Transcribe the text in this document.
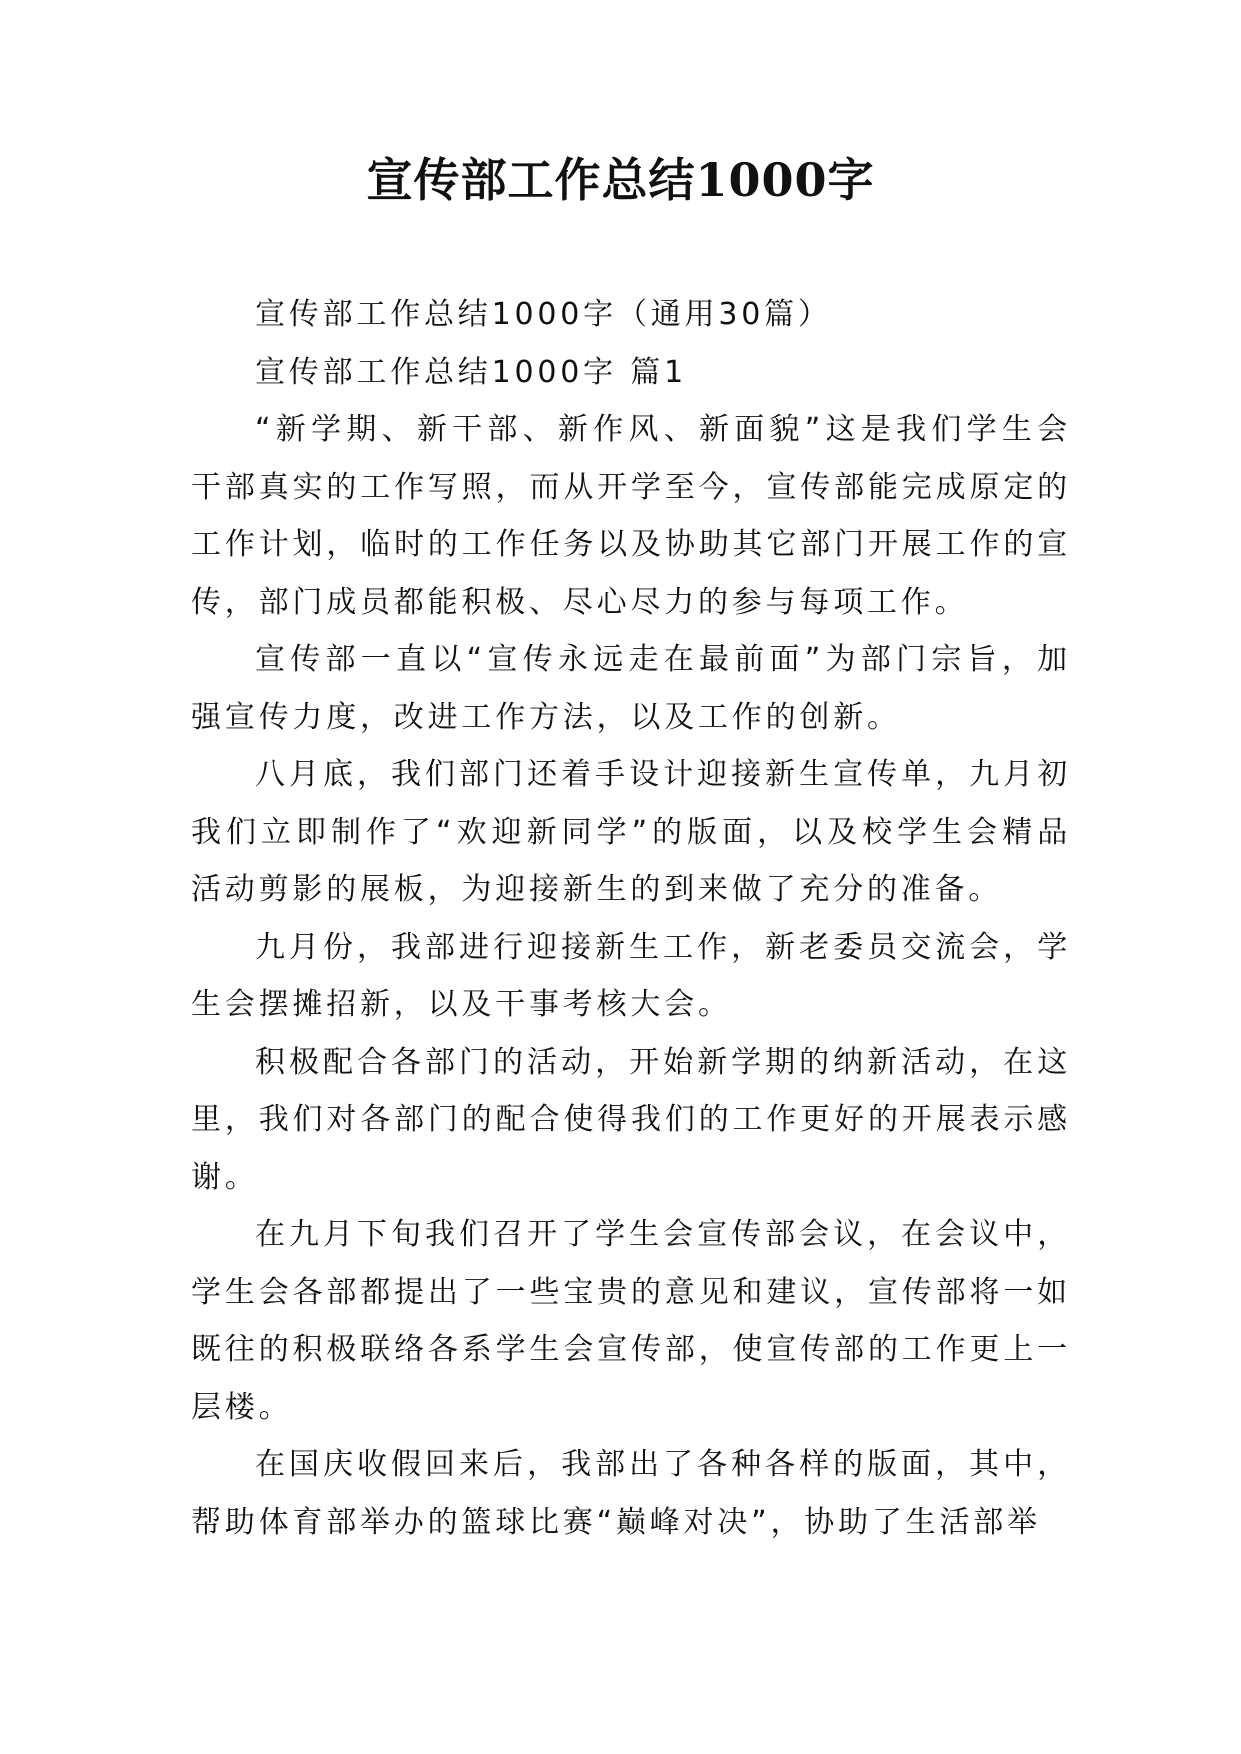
宣传部工作总结1000字

宣传部工作总结1000字（通用30篇）

宣传部工作总结1000字 篇1

“新学期、新干部、新作风、新面貌”这是我们学生会干部真实的工作写照，而从开学至今，宣传部能完成原定的工作计划，临时的工作任务以及协助其它部门开展工作的宣传，部门成员都能积极、尽心尽力的参与每项工作。

宣传部一直以“宣传永远走在最前面”为部门宗旨，加强宣传力度，改进工作方法，以及工作的创新。

八月底，我们部门还着手设计迎接新生宣传单，九月初我们立即制作了“欢迎新同学”的版面，以及校学生会精品活动剪影的展板，为迎接新生的到来做了充分的准备。

九月份，我部进行迎接新生工作，新老委员交流会，学生会摆摊招新，以及干事考核大会。

积极配合各部门的活动，开始新学期的纳新活动，在这里，我们对各部门的配合使得我们的工作更好的开展表示感谢。

在九月下旬我们召开了学生会宣传部会议，在会议中，学生会各部都提出了一些宝贵的意见和建议，宣传部将一如既往的积极联络各系学生会宣传部，使宣传部的工作更上一层楼。

在国庆收假回来后，我部出了各种各样的版面，其中，帮助体育部举办的篮球比赛“巅峰对决”，协助了生活部举
